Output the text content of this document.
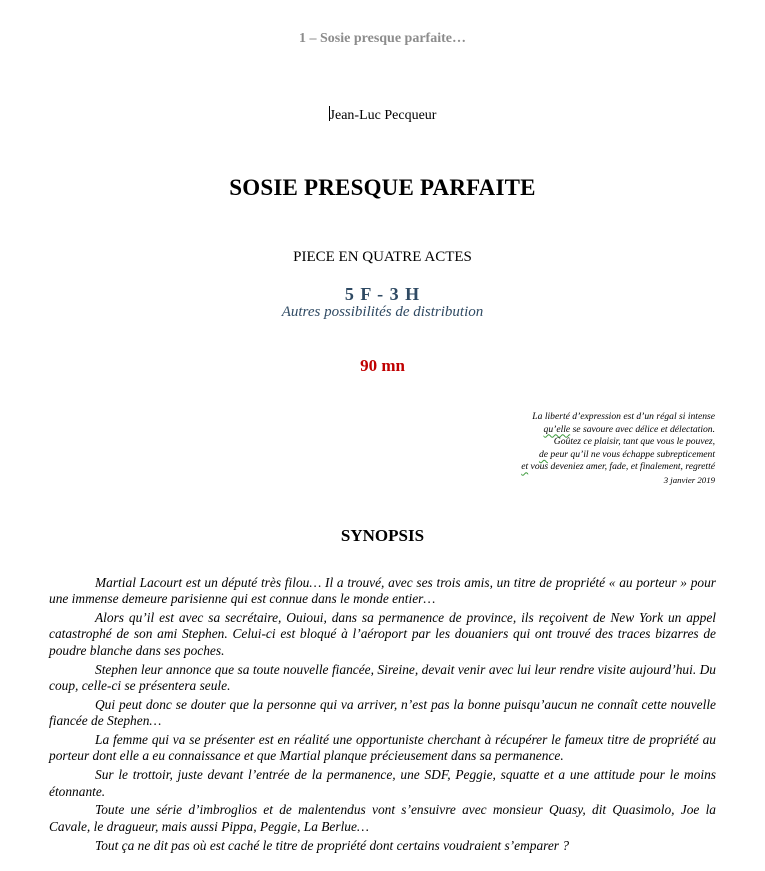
1 – Sosie presque parfaite…
Jean-Luc Pecqueur
SOSIE PRESQUE PARFAITE
PIECE EN QUATRE ACTES
5 F - 3 H
Autres possibilités de distribution
90 mn
La liberté d’expression est d’un régal si intense
qu’elle se savoure avec délice et délectation.
Goûtez ce plaisir, tant que vous le pouvez,
de peur qu’il ne vous échappe subrepticement
et vous deveniez amer, fade, et finalement, regretté
3 janvier 2019
SYNOPSIS

Martial Lacourt est un député très filou… Il a trouvé, avec ses trois amis, un titre de propriété « au porteur » pour une immense demeure parisienne qui est connue dans le monde entier…

Alors qu’il est avec sa secrétaire, Ouioui, dans sa permanence de province, ils reçoivent de New York un appel catastrophé de son ami Stephen. Celui-ci est bloqué à l’aéroport par les douaniers qui ont trouvé des traces bizarres de poudre blanche dans ses poches.

Stephen leur annonce que sa toute nouvelle fiancée, Sireine, devait venir avec lui leur rendre visite aujourd’hui. Du coup, celle-ci se présentera seule.

Qui peut donc se douter que la personne qui va arriver, n’est pas la bonne puisqu’aucun ne connaît cette nouvelle fiancée de Stephen…

La femme qui va se présenter est en réalité une opportuniste cherchant à récupérer le fameux titre de propriété au porteur dont elle a eu connaissance et que Martial planque précieusement dans sa permanence.

Sur le trottoir, juste devant l’entrée de la permanence, une SDF, Peggie, squatte et a une attitude pour le moins étonnante.

Toute une série d’imbroglios et de malentendus vont s’ensuivre avec monsieur Quasy, dit Quasimolo, Joe la Cavale, le dragueur, mais aussi Pippa, Peggie, La Berlue…

Tout ça ne dit pas où est caché le titre de propriété dont certains voudraient s’emparer ?
